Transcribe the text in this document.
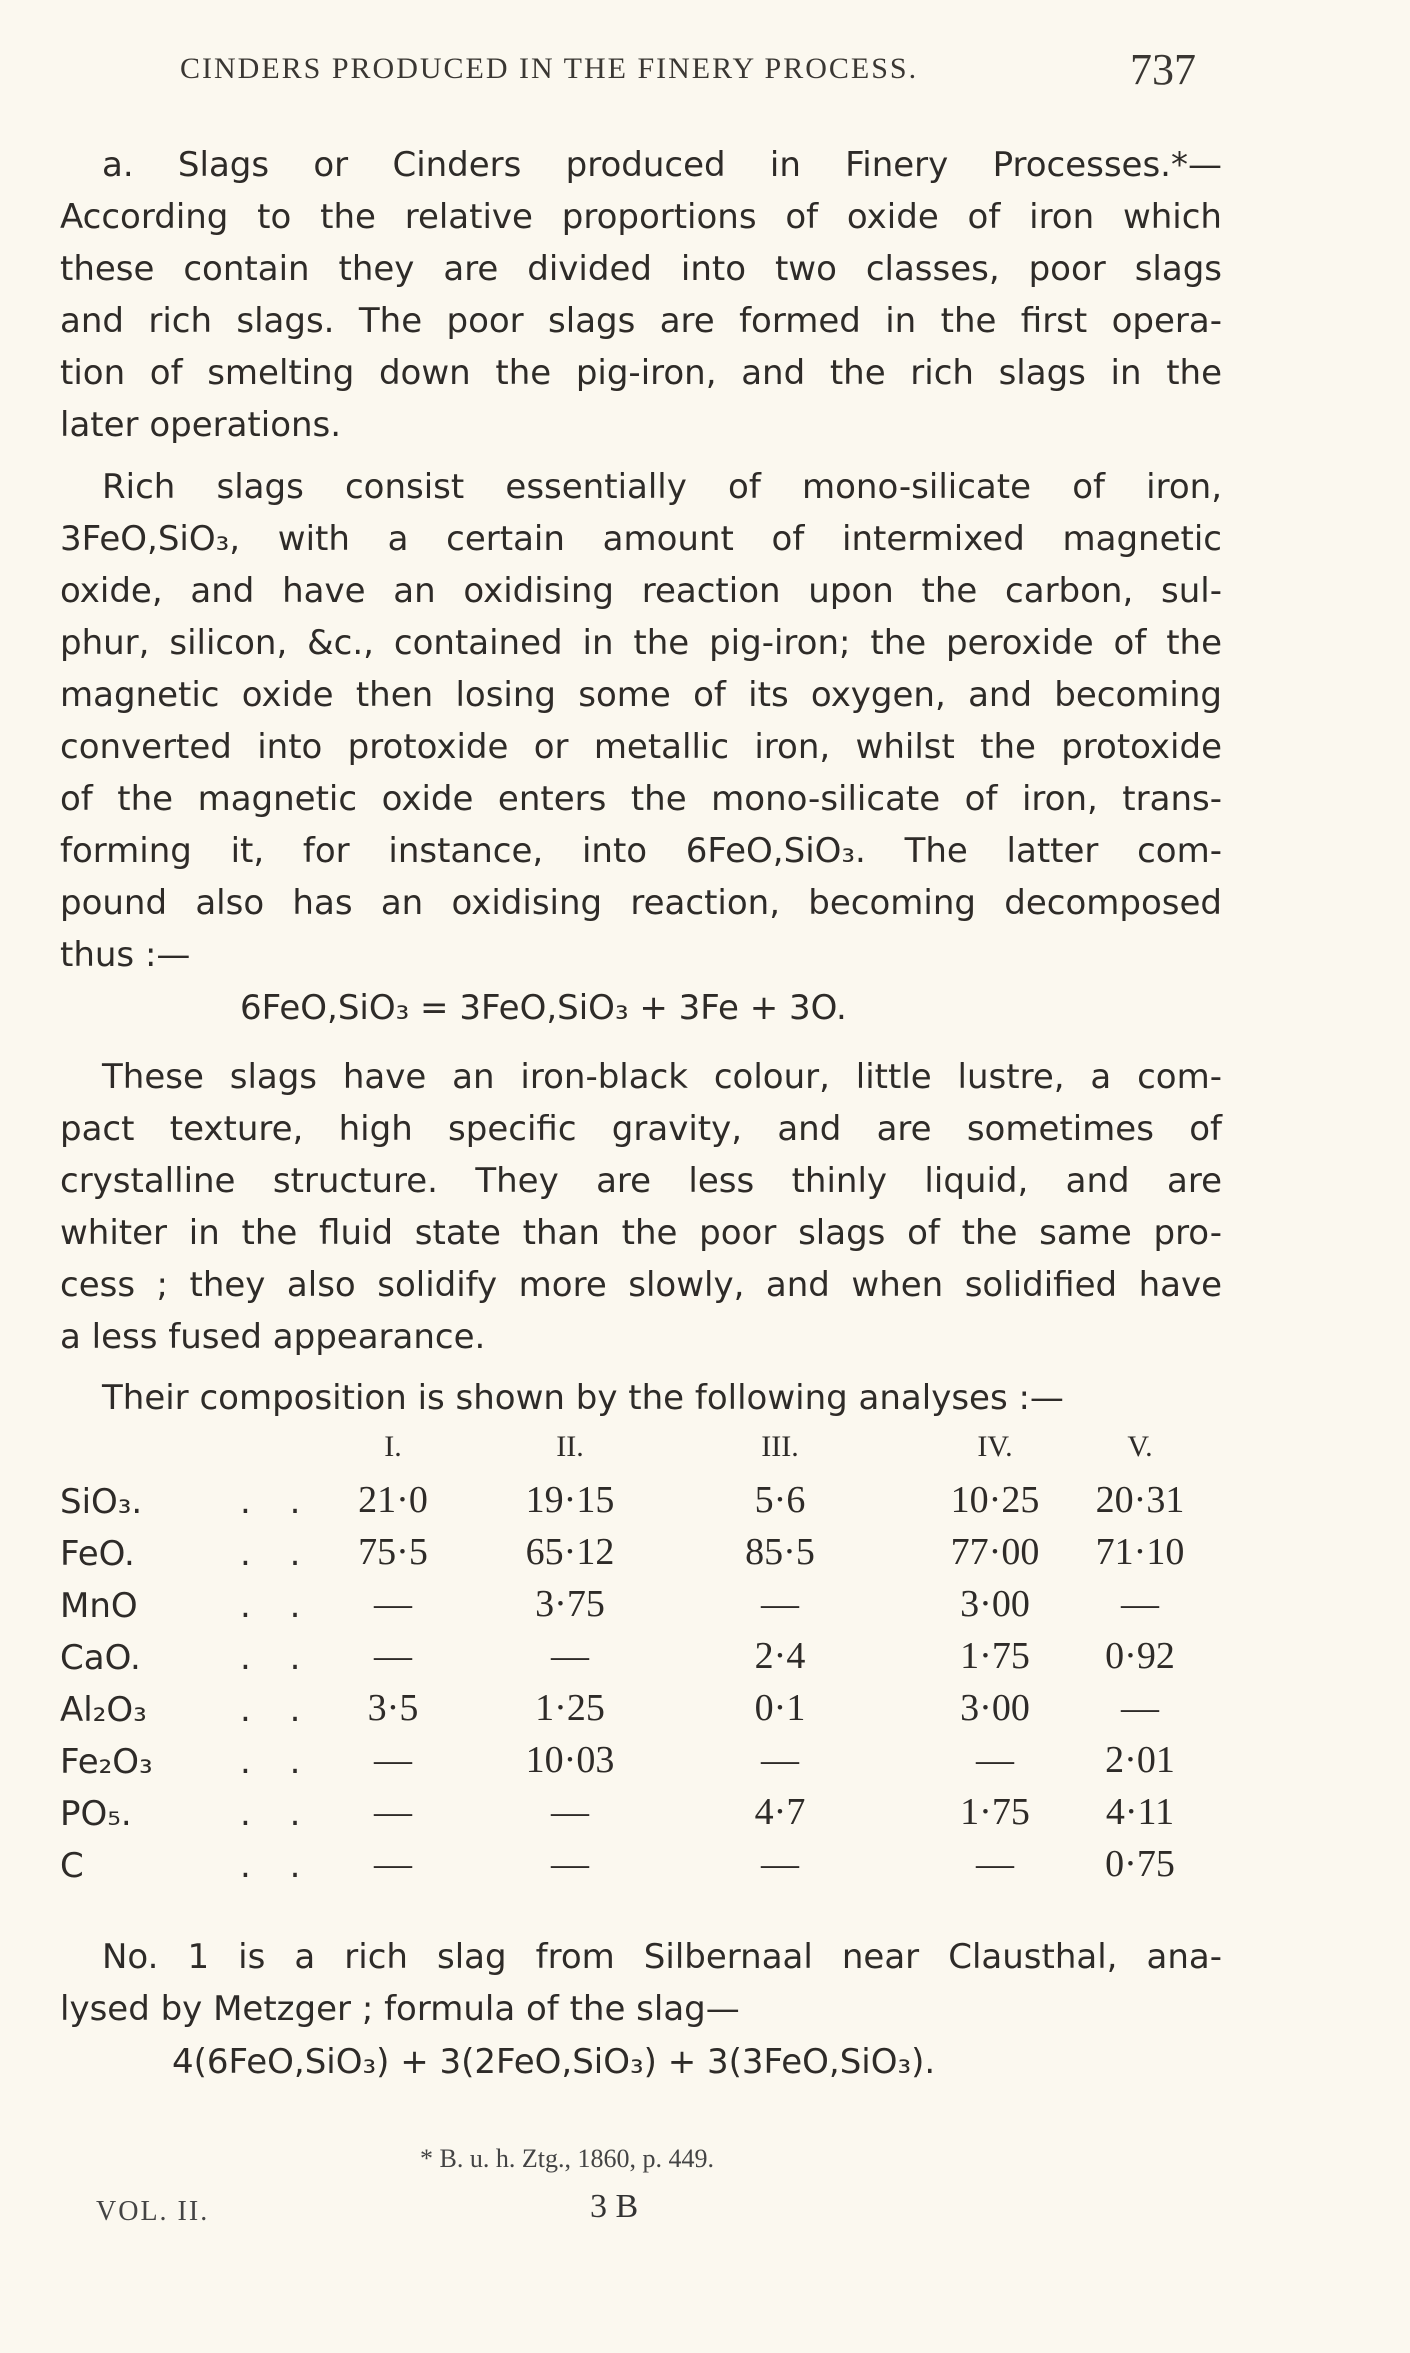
CINDERS PRODUCED IN THE FINERY PROCESS.	737
a. Slags or Cinders produced in Finery Processes.*—
According to the relative proportions of oxide of iron which
these contain they are divided into two classes, poor slags
and rich slags. The poor slags are formed in the first opera-
tion of smelting down the pig-iron, and the rich slags in the
later operations.
Rich slags consist essentially of mono-silicate of iron,
3FeO,SiO₃, with a certain amount of intermixed magnetic
oxide, and have an oxidising reaction upon the carbon, sul-
phur, silicon, &c., contained in the pig-iron; the peroxide of the
magnetic oxide then losing some of its oxygen, and becoming
converted into protoxide or metallic iron, whilst the protoxide
of the magnetic oxide enters the mono-silicate of iron, trans-
forming it, for instance, into 6FeO,SiO₃. The latter com-
pound also has an oxidising reaction, becoming decomposed
thus :—
6FeO,SiO₃ = 3FeO,SiO₃ + 3Fe + 3O.
These slags have an iron-black colour, little lustre, a com-
pact texture, high specific gravity, and are sometimes of
crystalline structure. They are less thinly liquid, and are
whiter in the fluid state than the poor slags of the same pro-
cess ; they also solidify more slowly, and when solidified have
a less fused appearance.
Their composition is shown by the following analyses :—
I.	II.	III.	IV.	V.
SiO₃.	. . 21·0	19·15	5·6	10·25 20·31
FeO.	. . 75·5	65·12	85·5	77·00 71·10
MnO	. . —	3·75	—	3·00 —
CaO.	. . —	—	2·4	1·75 0·92
Al₂O₃	. . 3·5	1·25	0·1	3·00 —
Fe₂O₃	. . —	10·03	—	— 2·01
PO₅.	. . —	—	4·7	1·75 4·11
C	. . —	—	—	— 0·75
No. 1 is a rich slag from Silbernaal near Clausthal, ana-
lysed by Metzger ; formula of the slag—
4(6FeO,SiO₃) + 3(2FeO,SiO₃) + 3(3FeO,SiO₃).
* B. u. h. Ztg., 1860, p. 449.
VOL. II.	3 B
